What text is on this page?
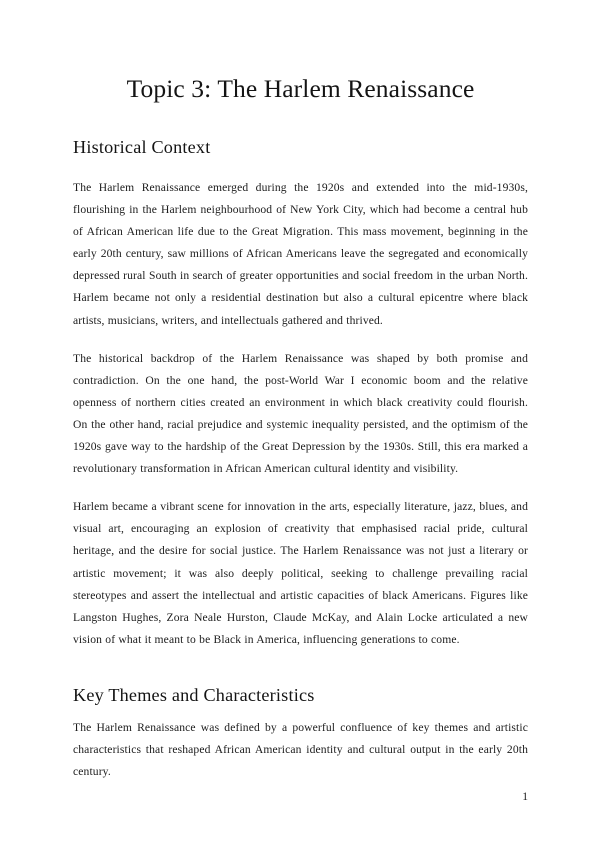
Topic 3: The Harlem Renaissance
Historical Context

The Harlem Renaissance emerged during the 1920s and extended into the mid-1930s, flourishing in the Harlem neighbourhood of New York City, which had become a central hub of African American life due to the Great Migration. This mass movement, beginning in the early 20th century, saw millions of African Americans leave the segregated and economically depressed rural South in search of greater opportunities and social freedom in the urban North. Harlem became not only a residential destination but also a cultural epicentre where black artists, musicians, writers, and intellectuals gathered and thrived.

The historical backdrop of the Harlem Renaissance was shaped by both promise and contradiction. On the one hand, the post-World War I economic boom and the relative openness of northern cities created an environment in which black creativity could flourish. On the other hand, racial prejudice and systemic inequality persisted, and the optimism of the 1920s gave way to the hardship of the Great Depression by the 1930s. Still, this era marked a revolutionary transformation in African American cultural identity and visibility.

Harlem became a vibrant scene for innovation in the arts, especially literature, jazz, blues, and visual art, encouraging an explosion of creativity that emphasised racial pride, cultural heritage, and the desire for social justice. The Harlem Renaissance was not just a literary or artistic movement; it was also deeply political, seeking to challenge prevailing racial stereotypes and assert the intellectual and artistic capacities of black Americans. Figures like Langston Hughes, Zora Neale Hurston, Claude McKay, and Alain Locke articulated a new vision of what it meant to be Black in America, influencing generations to come.

Key Themes and Characteristics

The Harlem Renaissance was defined by a powerful confluence of key themes and artistic characteristics that reshaped African American identity and cultural output in the early 20th century.

1
